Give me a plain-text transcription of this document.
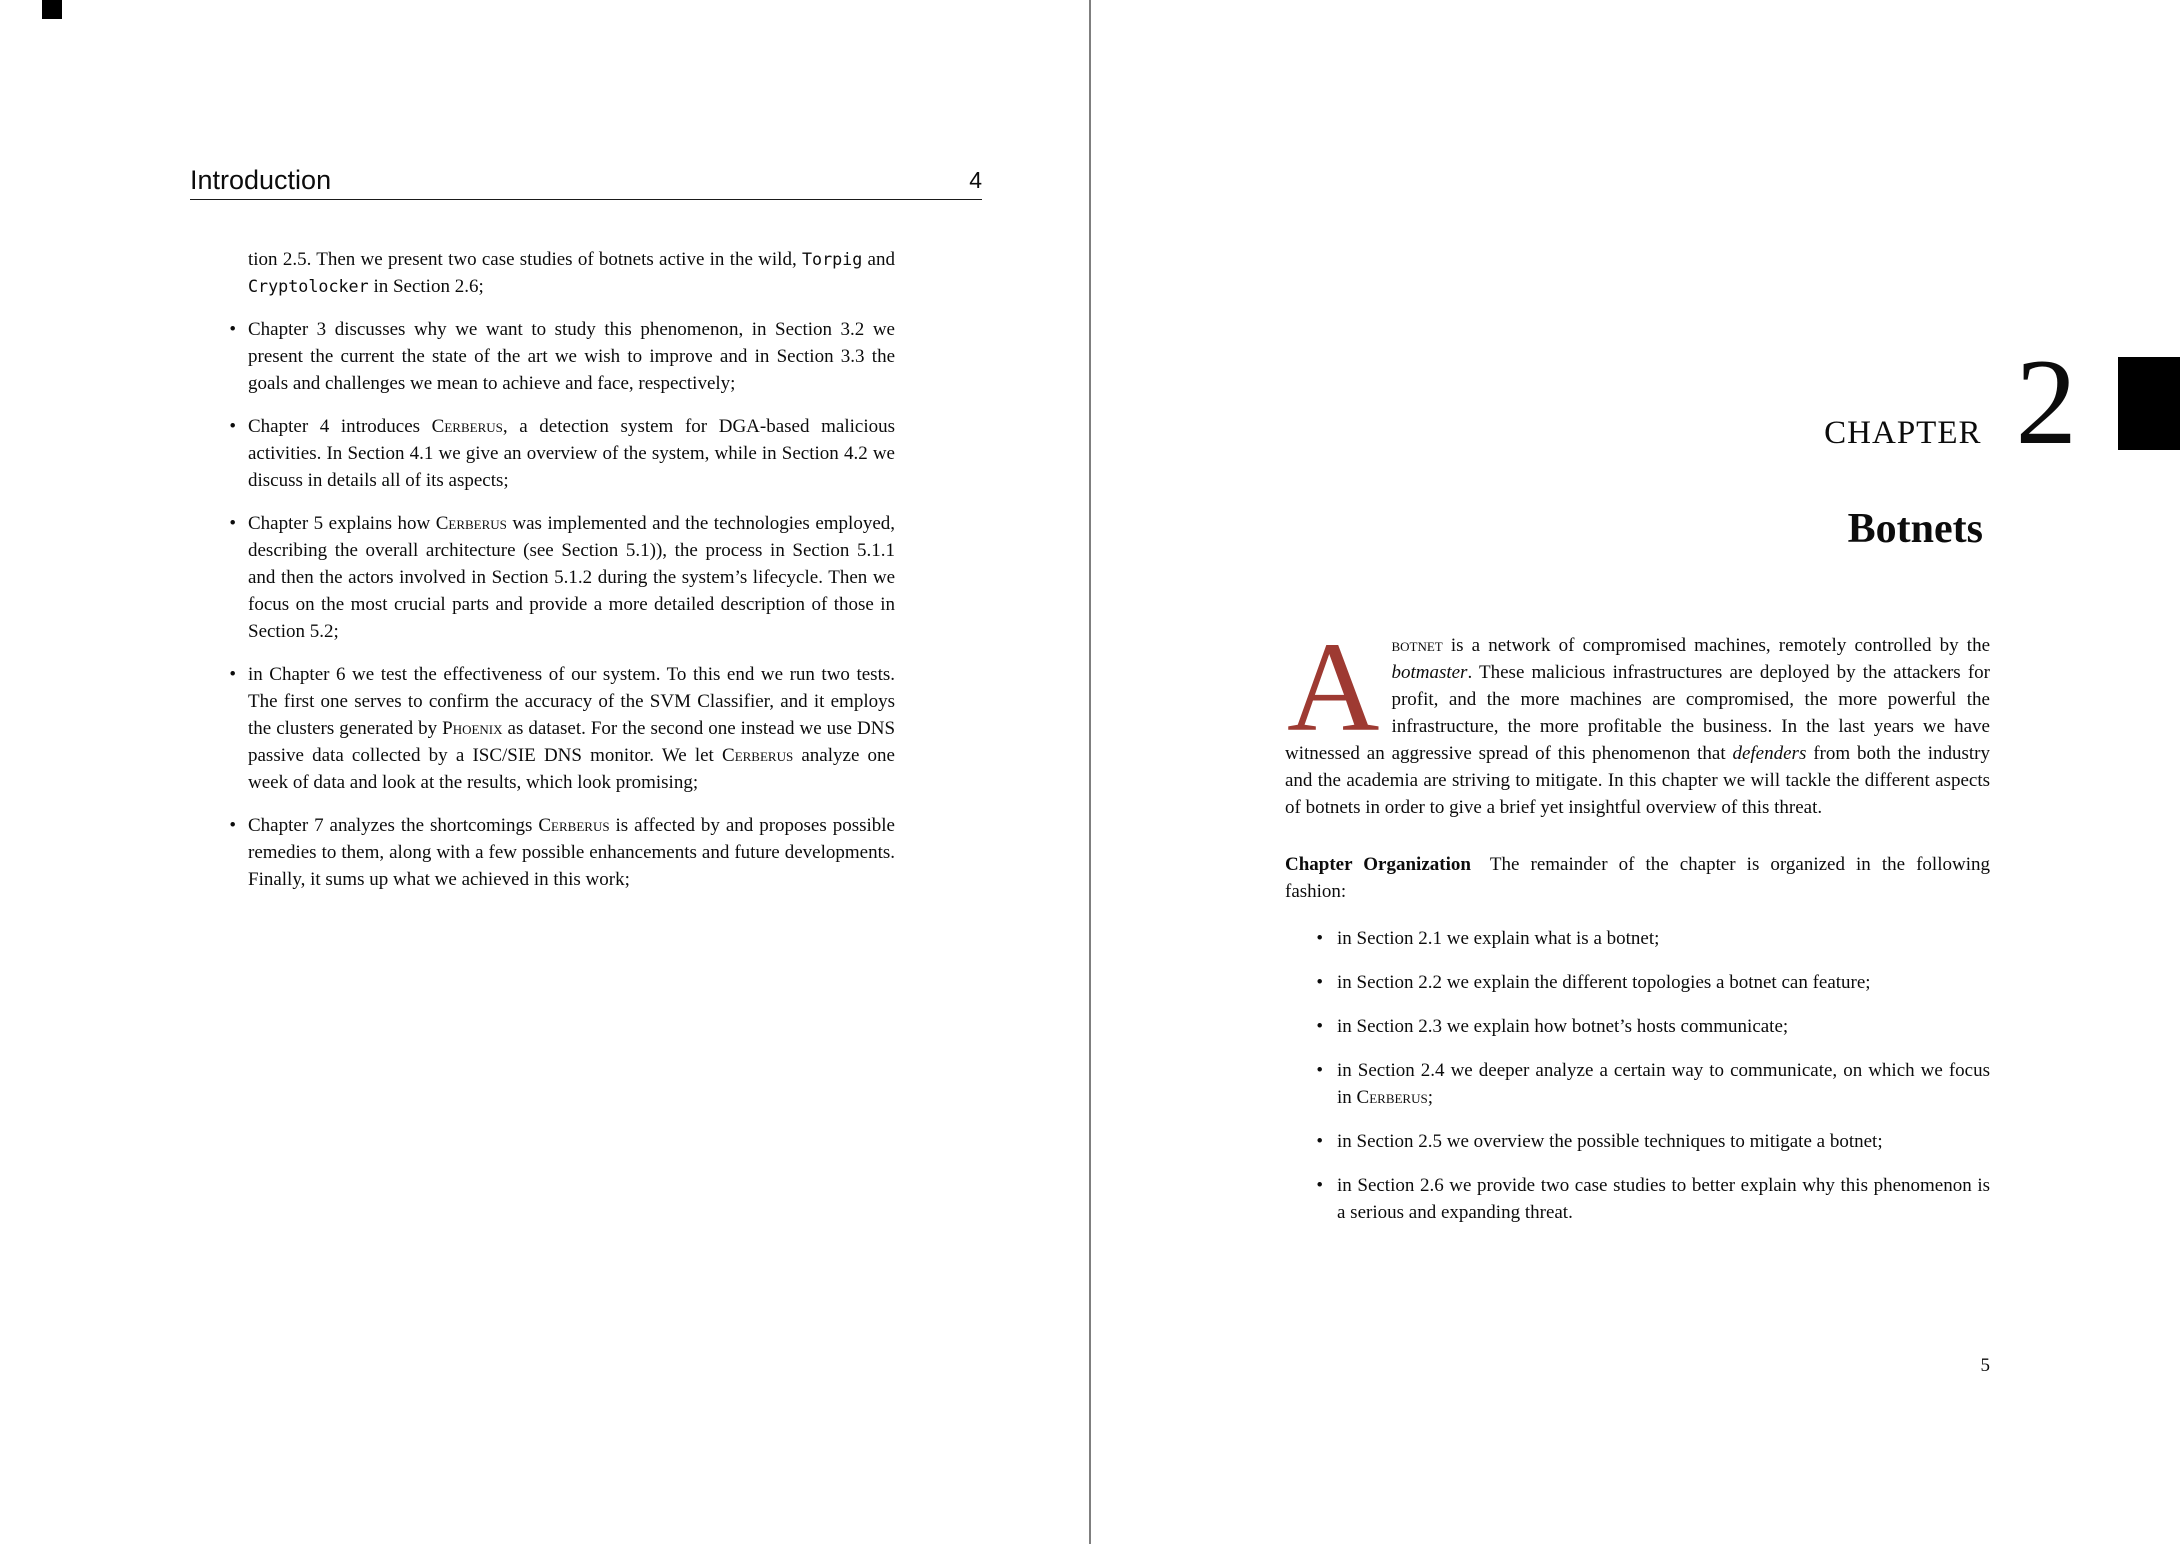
Introduction	4

tion 2.5. Then we present two case studies of botnets active in the wild, Torpig and Cryptolocker in Section 2.6;

• Chapter 3 discusses why we want to study this phenomenon, in Section 3.2 we present the current the state of the art we wish to improve and in Section 3.3 the goals and challenges we mean to achieve and face, respectively;

• Chapter 4 introduces Cerberus, a detection system for DGA-based malicious activities. In Section 4.1 we give an overview of the system, while in Section 4.2 we discuss in details all of its aspects;

• Chapter 5 explains how Cerberus was implemented and the technologies employed, describing the overall architecture (see Section 5.1)), the process in Section 5.1.1 and then the actors involved in Section 5.1.2 during the system’s lifecycle. Then we focus on the most crucial parts and provide a more detailed description of those in Section 5.2;

• in Chapter 6 we test the effectiveness of our system. To this end we run two tests. The first one serves to confirm the accuracy of the SVM Classifier, and it employs the clusters generated by Phoenix as dataset. For the second one instead we use DNS passive data collected by a ISC/SIE DNS monitor. We let Cerberus analyze one week of data and look at the results, which look promising;

• Chapter 7 analyzes the shortcomings Cerberus is affected by and proposes possible remedies to them, along with a few possible enhancements and future developments. Finally, it sums up what we achieved in this work;

CHAPTER 2
Botnets

Abotnet is a network of compromised machines, remotely controlled by the botmaster. These malicious infrastructures are deployed by the attackers for profit, and the more machines are compromised, the more powerful the infrastructure, the more profitable the business. In the last years we have witnessed an aggressive spread of this phenomenon that defenders from both the industry and the academia are striving to mitigate. In this chapter we will tackle the different aspects of botnets in order to give a brief yet insightful overview of this threat.

Chapter Organization The remainder of the chapter is organized in the following fashion:

• in Section 2.1 we explain what is a botnet;

• in Section 2.2 we explain the different topologies a botnet can feature;

• in Section 2.3 we explain how botnet’s hosts communicate;

• in Section 2.4 we deeper analyze a certain way to communicate, on which we focus in Cerberus;

• in Section 2.5 we overview the possible techniques to mitigate a botnet;

• in Section 2.6 we provide two case studies to better explain why this phenomenon is a serious and expanding threat.

5
